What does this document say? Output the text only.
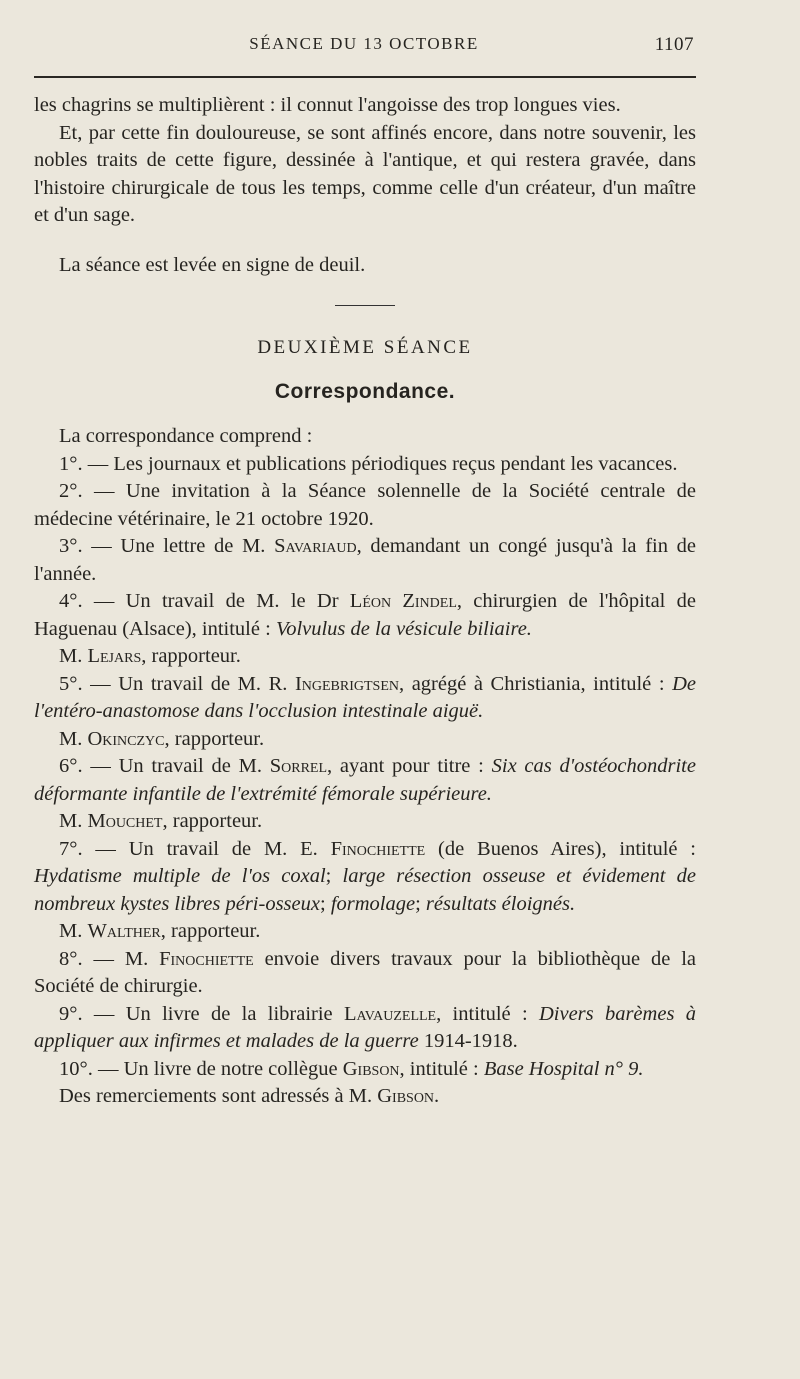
SÉANCE DU 13 OCTOBRE	1107

les chagrins se multiplièrent : il connut l'angoisse des trop longues vies.

Et, par cette fin douloureuse, se sont affinés encore, dans notre souvenir, les nobles traits de cette figure, dessinée à l'antique, et qui restera gravée, dans l'histoire chirurgicale de tous les temps, comme celle d'un créateur, d'un maître et d'un sage.

La séance est levée en signe de deuil.

DEUXIÈME SÉANCE
Correspondance.

La correspondance comprend :

1°. — Les journaux et publications périodiques reçus pendant les vacances.

2°. — Une invitation à la Séance solennelle de la Société centrale de médecine vétérinaire, le 21 octobre 1920.

3°. — Une lettre de M. Savariaud, demandant un congé jusqu'à la fin de l'année.

4°. — Un travail de M. le Dr Léon Zindel, chirurgien de l'hôpital de Haguenau (Alsace), intitulé : Volvulus de la vésicule biliaire.

M. Lejars, rapporteur.

5°. — Un travail de M. R. Ingebrigtsen, agrégé à Christiania, intitulé : De l'entéro-anastomose dans l'occlusion intestinale aiguë.

M. Okinczyc, rapporteur.

6°. — Un travail de M. Sorrel, ayant pour titre : Six cas d'ostéochondrite déformante infantile de l'extrémité fémorale supérieure.

M. Mouchet, rapporteur.

7°. — Un travail de M. E. Finochiette (de Buenos Aires), intitulé : Hydatisme multiple de l'os coxal; large résection osseuse et évidement de nombreux kystes libres péri-osseux; formolage; résultats éloignés.

M. Walther, rapporteur.

8°. — M. Finochiette envoie divers travaux pour la bibliothèque de la Société de chirurgie.

9°. — Un livre de la librairie Lavauzelle, intitulé : Divers barèmes à appliquer aux infirmes et malades de la guerre 1914-1918.

10°. — Un livre de notre collègue Gibson, intitulé : Base Hospital n° 9.

Des remerciements sont adressés à M. Gibson.
